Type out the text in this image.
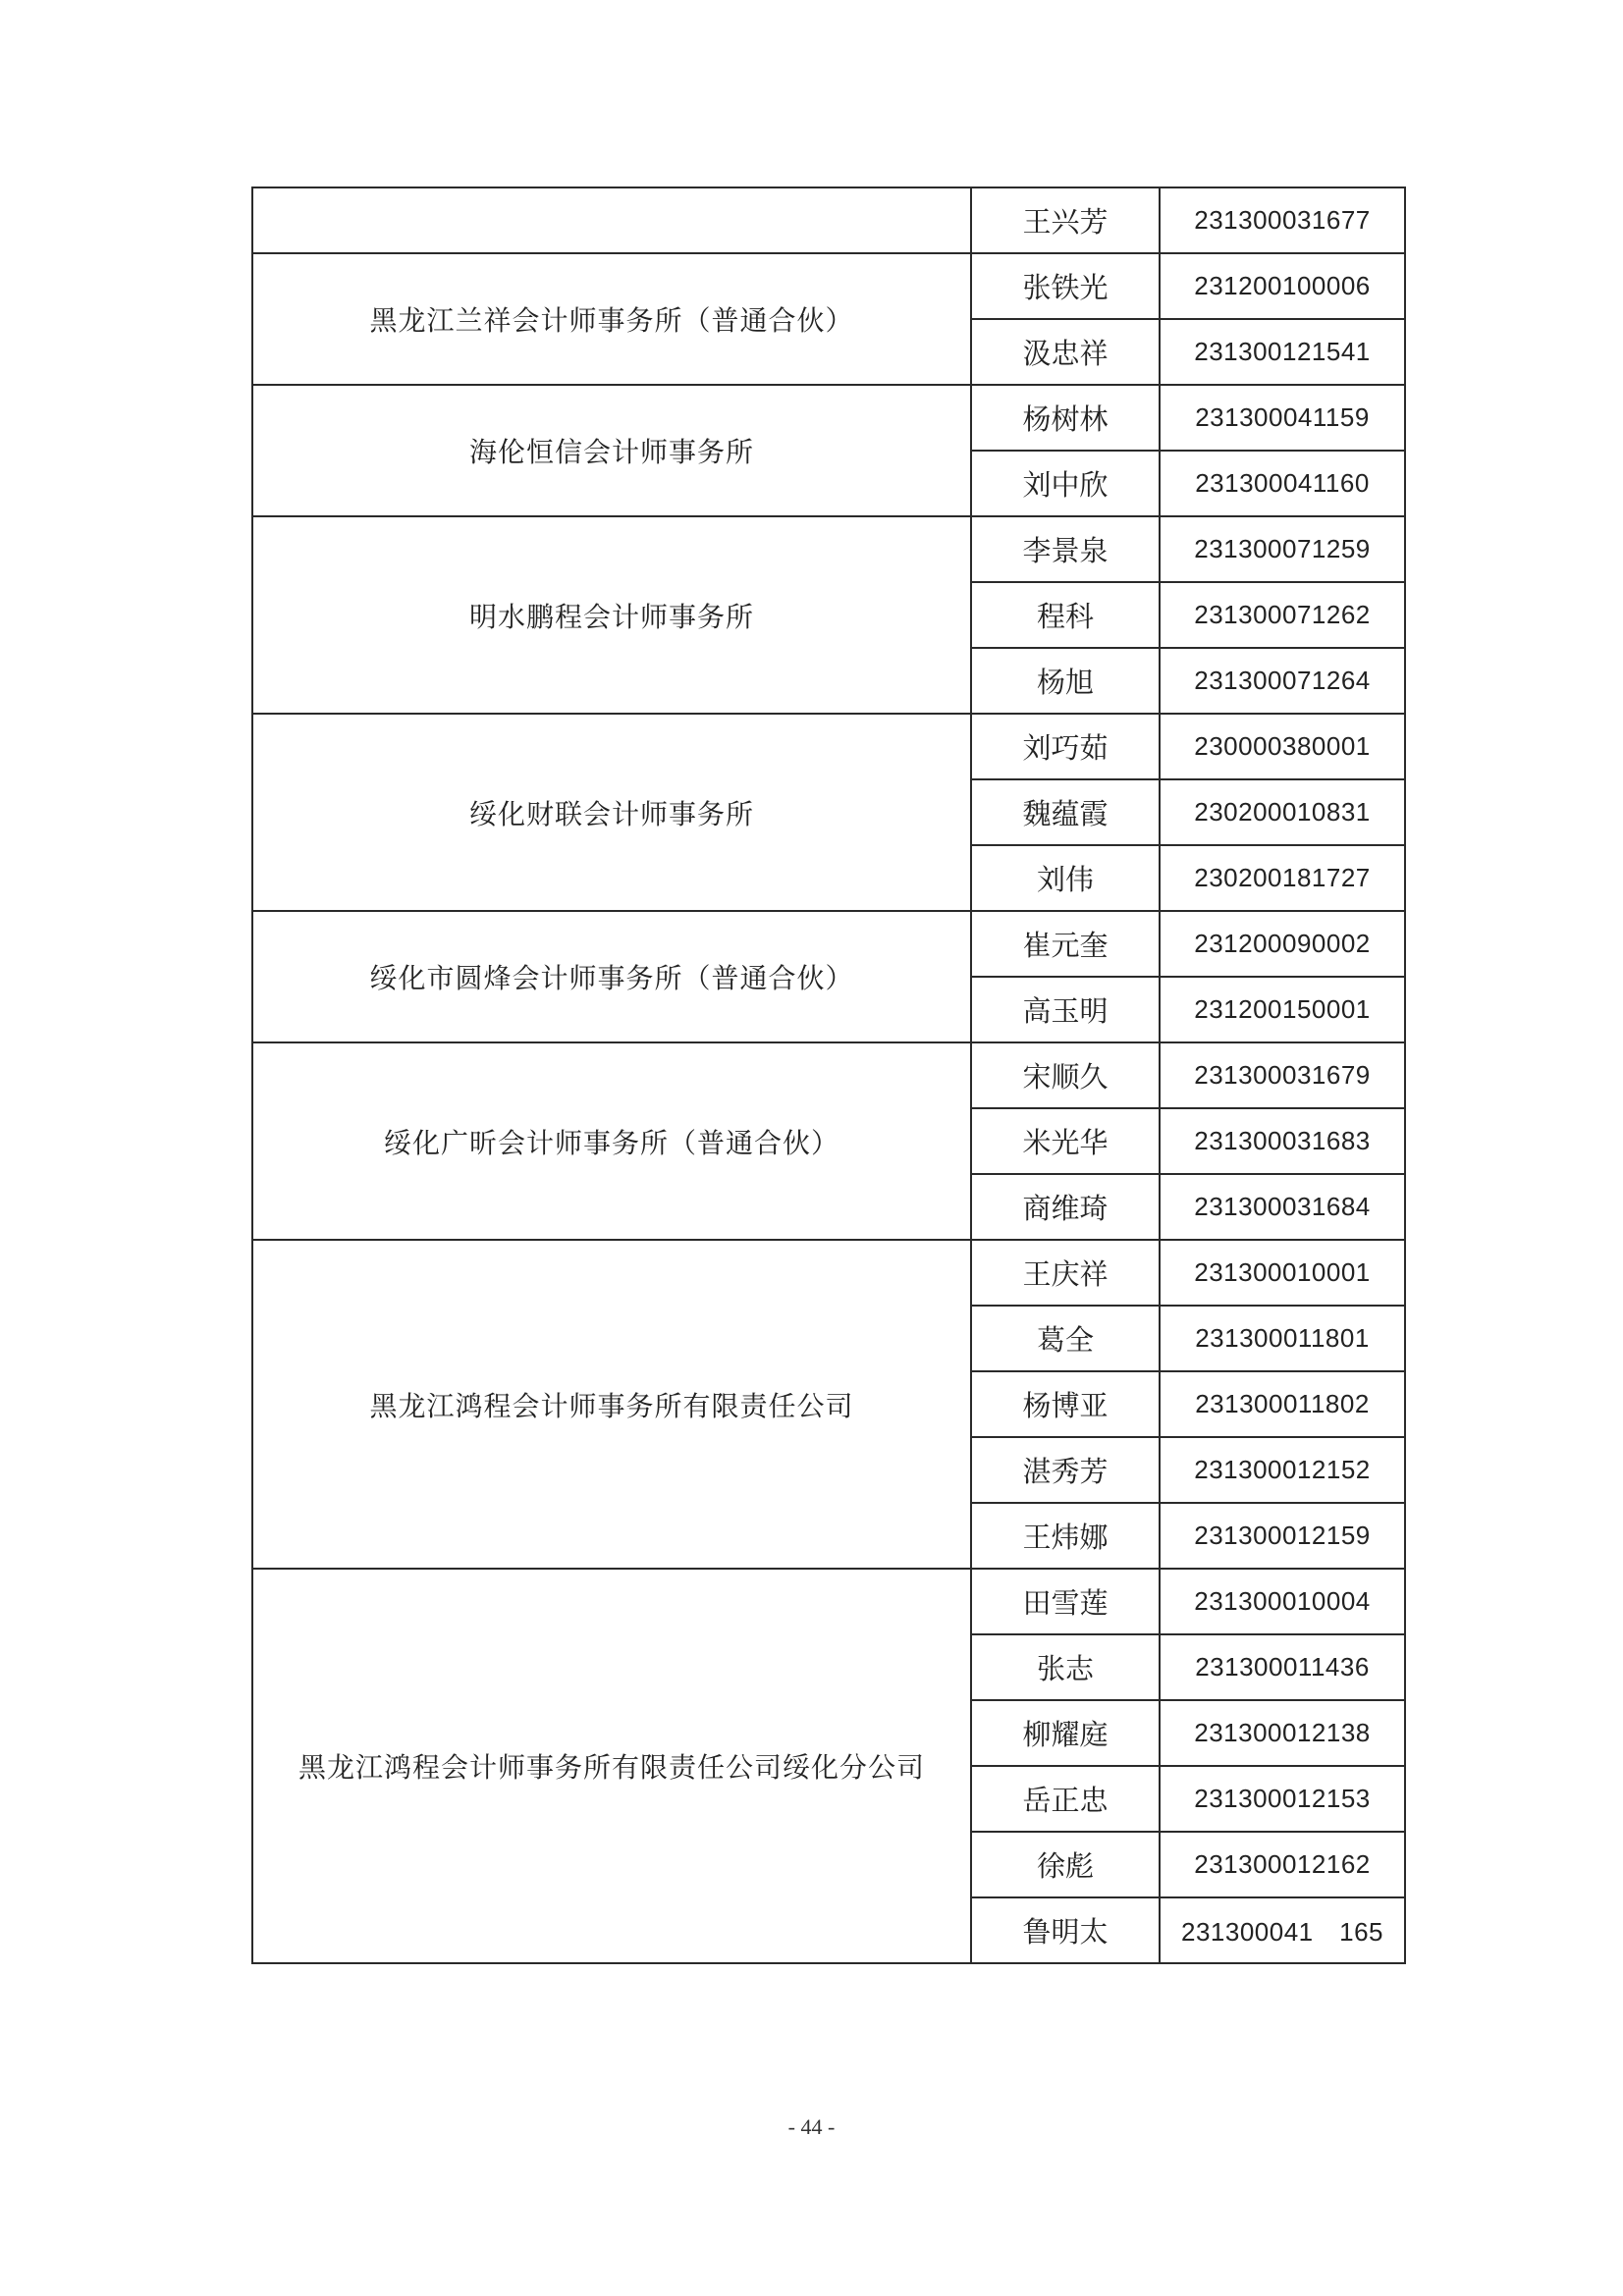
	王兴芳	231300031677
黑龙江兰祥会计师事务所（普通合伙）	张铁光	231200100006
	汲忠祥	231300121541
海伦恒信会计师事务所	杨树林	231300041159
	刘中欣	231300041160
明水鹏程会计师事务所	李景泉	231300071259
	程科	231300071262
	杨旭	231300071264
绥化财联会计师事务所	刘巧茹	230000380001
	魏蕴霞	230200010831
	刘伟	230200181727
绥化市圆烽会计师事务所（普通合伙）	崔元奎	231200090002
	高玉明	231200150001
绥化广昕会计师事务所（普通合伙）	宋顺久	231300031679
	米光华	231300031683
	商维琦	231300031684
黑龙江鸿程会计师事务所有限责任公司	王庆祥	231300010001
	葛全	231300011801
	杨博亚	231300011802
	湛秀芳	231300012152
	王炜娜	231300012159
黑龙江鸿程会计师事务所有限责任公司绥化分公司	田雪莲	231300010004
	张志	231300011436
	柳耀庭	231300012138
	岳正忠	231300012153
	徐彪	231300012162
	鲁明太	231300041　165
- 44 -
